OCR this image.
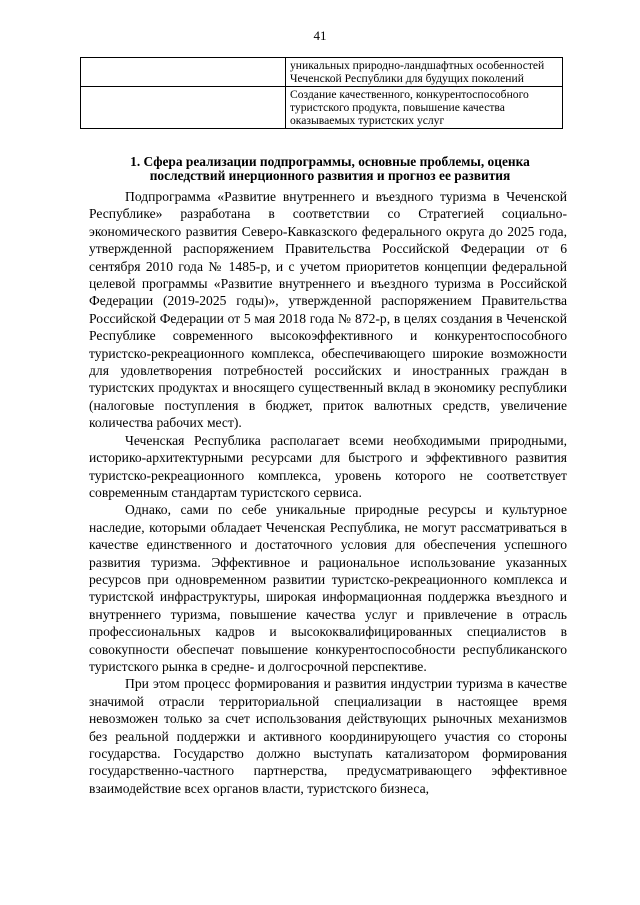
41
	уникальных природно-ландшафтных особенностей Чеченской Республики для будущих поколений
	Создание качественного, конкурентоспособного туристского продукта, повышение качества оказываемых туристских услуг
1. Сфера реализации подпрограммы, основные проблемы, оценка последствий инерционного развития и прогноз ее развития

Подпрограмма «Развитие внутреннего и въездного туризма в Чеченской Республике» разработана в соответствии со Стратегией социально-экономического развития Северо-Кавказского федерального округа до 2025 года, утвержденной распоряжением Правительства Российской Федерации от 6 сентября 2010 года № 1485-р, и с учетом приоритетов концепции федеральной целевой программы «Развитие внутреннего и въездного туризма в Российской Федерации (2019-2025 годы)», утвержденной распоряжением Правительства Российской Федерации от 5 мая 2018 года № 872-р, в целях создания в Чеченской Республике современного высокоэффективного и конкурентоспособного туристско-рекреационного комплекса, обеспечивающего широкие возможности для удовлетворения потребностей российских и иностранных граждан в туристских продуктах и вносящего существенный вклад в экономику республики (налоговые поступления в бюджет, приток валютных средств, увеличение количества рабочих мест).

Чеченская Республика располагает всеми необходимыми природными, историко-архитектурными ресурсами для быстрого и эффективного развития туристско-рекреационного комплекса, уровень которого не соответствует современным стандартам туристского сервиса.

Однако, сами по себе уникальные природные ресурсы и культурное наследие, которыми обладает Чеченская Республика, не могут рассматриваться в качестве единственного и достаточного условия для обеспечения успешного развития туризма. Эффективное и рациональное использование указанных ресурсов при одновременном развитии туристско-рекреационного комплекса и туристской инфраструктуры, широкая информационная поддержка въездного и внутреннего туризма, повышение качества услуг и привлечение в отрасль профессиональных кадров и высококвалифицированных специалистов в совокупности обеспечат повышение конкурентоспособности республиканского туристского рынка в средне- и долгосрочной перспективе.

При этом процесс формирования и развития индустрии туризма в качестве значимой отрасли территориальной специализации в настоящее время невозможен только за счет использования действующих рыночных механизмов без реальной поддержки и активного координирующего участия со стороны государства. Государство должно выступать катализатором формирования государственно-частного партнерства, предусматривающего эффективное взаимодействие всех органов власти, туристского бизнеса,
